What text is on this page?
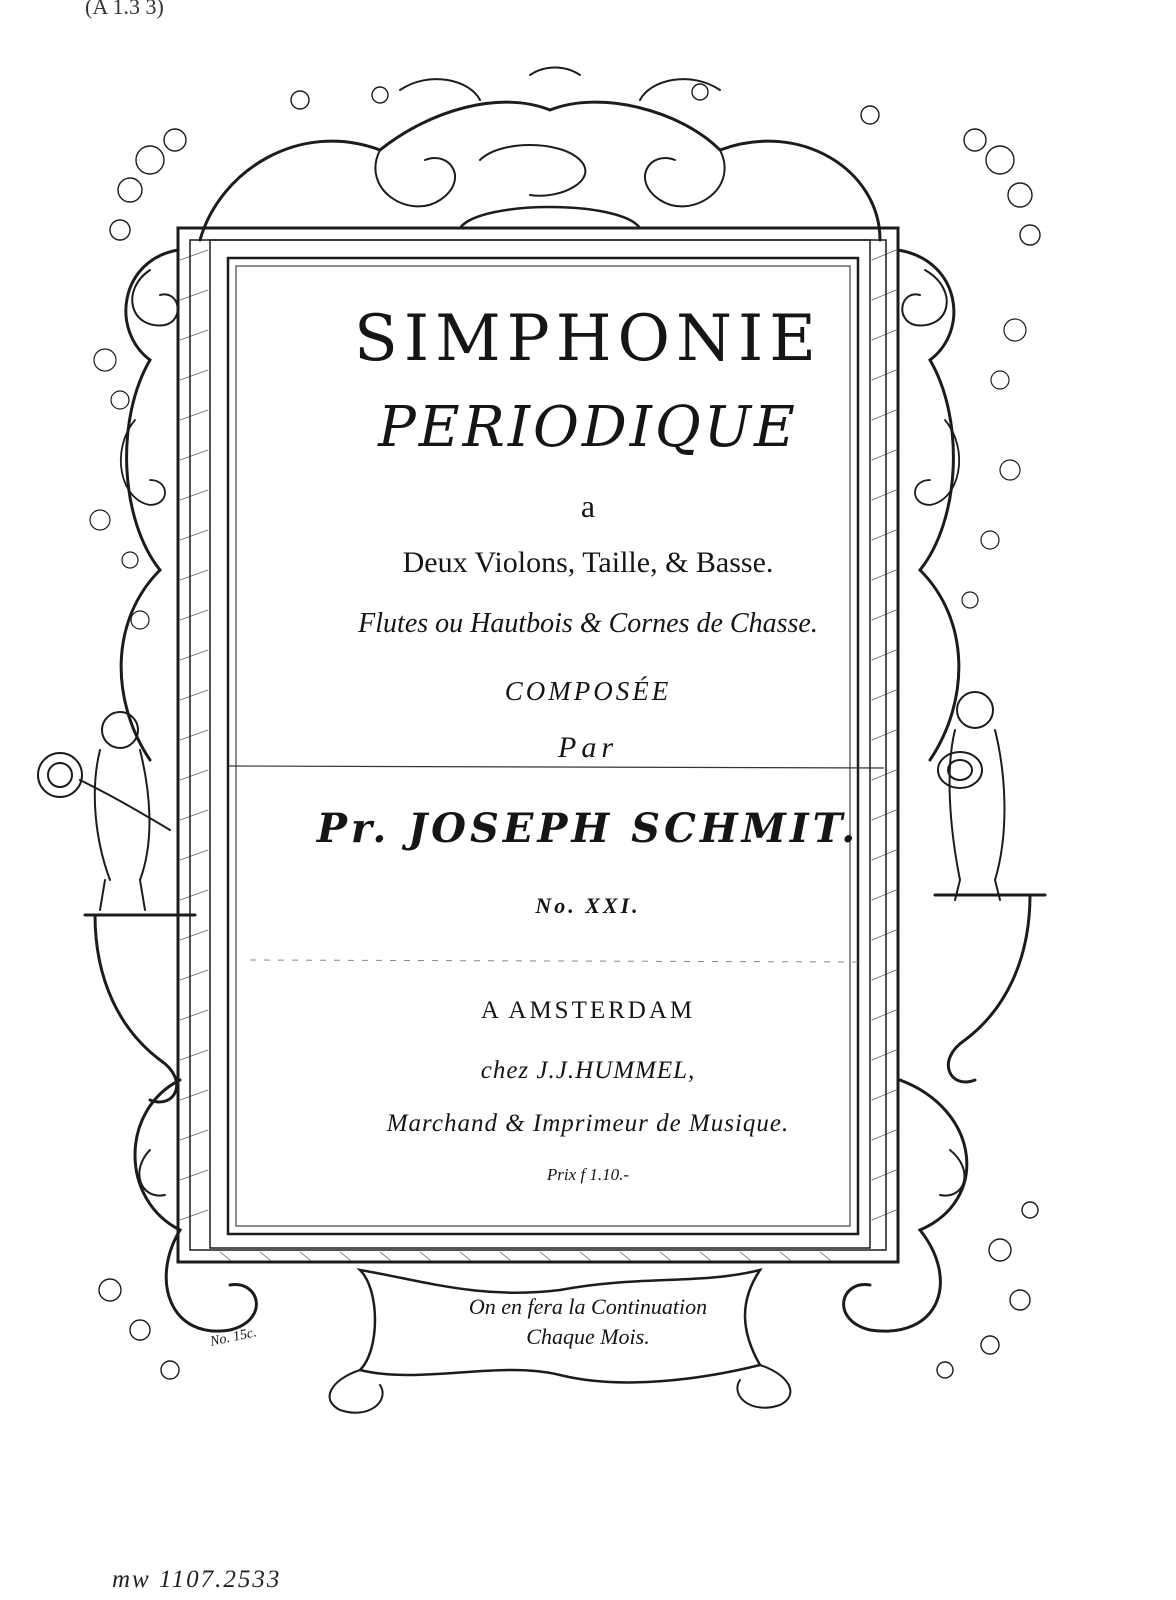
SIMPHONIE
PERIODIQUE
a
Deux Violons, Taille, & Basse.
Flutes ou Hautbois & Cornes de Chasse.
COMPOSÉE
Par
Pr. JOSEPH SCHMIT.
No. XXI.
A AMSTERDAM
chez J.J.HUMMEL,
Marchand & Imprimeur de Musique.
Prix f 1.10.-
On en fera la Continuation
Chaque Mois.
No. 15c.
(A 1.3 3)
mw 1107.2533
